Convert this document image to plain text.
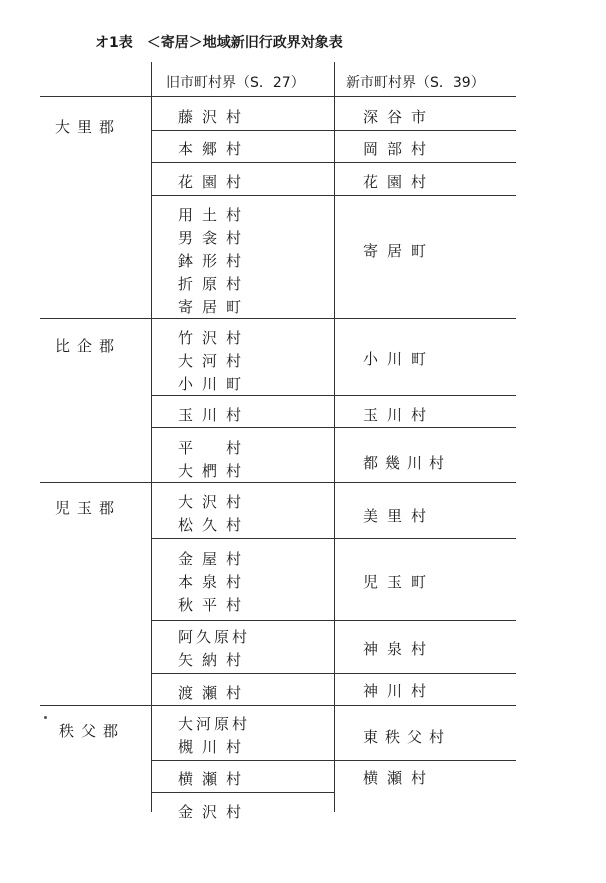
オ1表　＜寄居＞地域新旧行政界対象表
旧市町村界（S．27）	新市町村界（S．39）
大里郡
比企郡
児玉郡
秩父郡
藤沢村
本郷村
花園村
用土村
男衾村
鉢形村
折原村
寄居町
竹沢村
大河村
小川町
玉川村
平　村
大椚村
大沢村
松久村
金屋村
本泉村
秋平村
阿久原村
矢納村
渡瀬村
大河原村
槻川村
横瀬村
金沢村
深谷市
岡部村
花園村
寄居町
小川町
玉川村
都幾川村
美里村
児玉町
神泉村
神川村
東秩父村
横瀬村
